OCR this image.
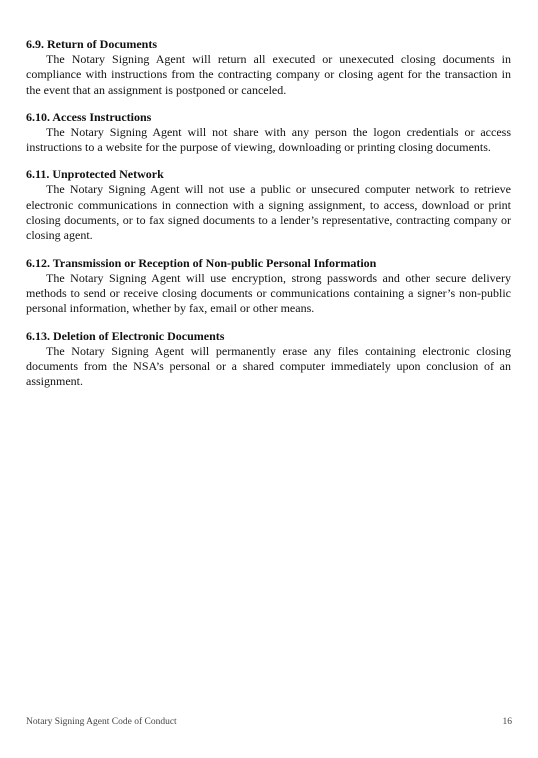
6.9. Return of Documents

The Notary Signing Agent will return all executed or unexecuted closing documents in compliance with instructions from the contracting company or closing agent for the transaction in the event that an assignment is postponed or canceled.

6.10. Access Instructions

The Notary Signing Agent will not share with any person the logon credentials or access instructions to a website for the purpose of viewing, downloading or printing closing documents.

6.11. Unprotected Network

The Notary Signing Agent will not use a public or unsecured computer network to retrieve electronic communications in connection with a signing assignment, to access, download or print closing documents, or to fax signed documents to a lender’s representative, contracting company or closing agent.

6.12. Transmission or Reception of Non-public Personal Information

The Notary Signing Agent will use encryption, strong passwords and other secure delivery methods to send or receive closing documents or communications containing a signer’s non-public personal information, whether by fax, email or other means.

6.13. Deletion of Electronic Documents

The Notary Signing Agent will permanently erase any files containing electronic closing documents from the NSA’s personal or a shared computer immediately upon conclusion of an assignment.

Notary Signing Agent Code of Conduct	16
